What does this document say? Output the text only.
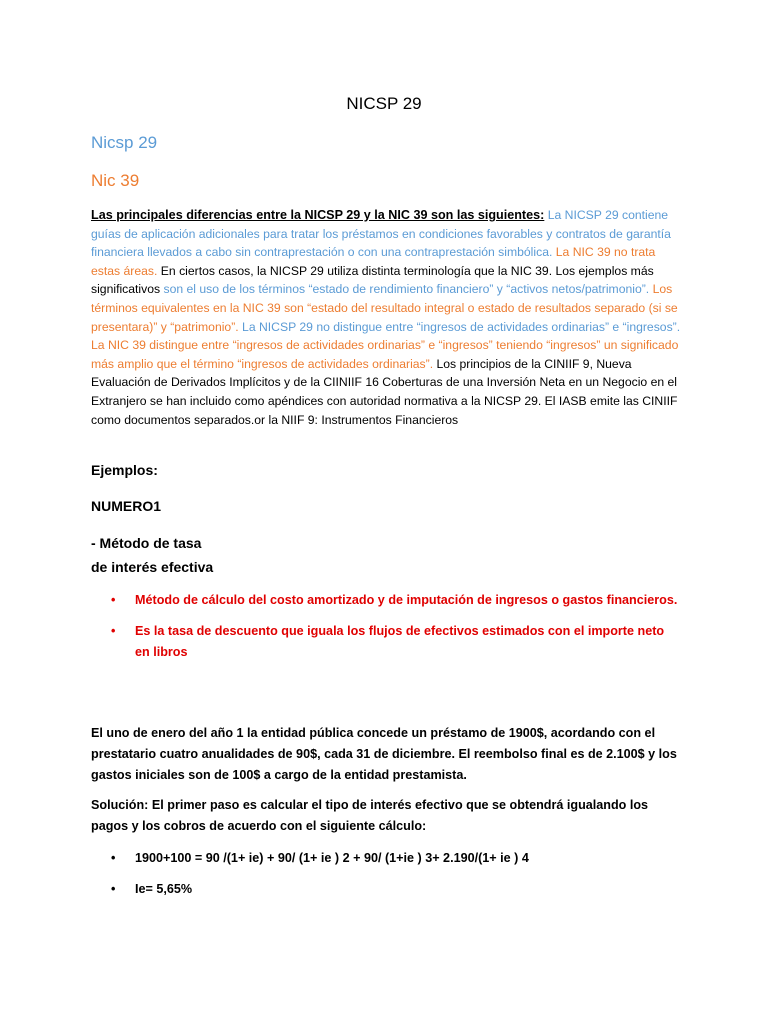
NICSP 29
Nicsp 29
Nic 39
Las principales diferencias entre la NICSP 29 y la NIC 39 son las siguientes: La NICSP 29 contiene guías de aplicación adicionales para tratar los préstamos en condiciones favorables y contratos de garantía financiera llevados a cabo sin contraprestación o con una contraprestación simbólica. La NIC 39 no trata estas áreas. En ciertos casos, la NICSP 29 utiliza distinta terminología que la NIC 39. Los ejemplos más significativos son el uso de los términos “estado de rendimiento financiero” y “activos netos/patrimonio”. Los términos equivalentes en la NIC 39 son “estado del resultado integral o estado de resultados separado (si se presentara)” y “patrimonio”. La NICSP 29 no distingue entre “ingresos de actividades ordinarias” e “ingresos”. La NIC 39 distingue entre “ingresos de actividades ordinarias” e “ingresos” teniendo “ingresos” un significado más amplio que el término “ingresos de actividades ordinarias”. Los principios de la CINIIF 9, Nueva Evaluación de Derivados Implícitos y de la CIINIIF 16 Coberturas de una Inversión Neta en un Negocio en el Extranjero se han incluido como apéndices con autoridad normativa a la NICSP 29. El IASB emite las CINIIF como documentos separados.or la NIIF 9: Instrumentos Financieros
Ejemplos:
NUMERO1
- Método de tasa
de interés efectiva
• Método de cálculo del costo amortizado y de imputación de ingresos o gastos financieros.
• Es la tasa de descuento que iguala los flujos de efectivos estimados con el importe neto en libros
El uno de enero del año 1 la entidad pública concede un préstamo de 1900$, acordando con el prestatario cuatro anualidades de 90$, cada 31 de diciembre. El reembolso final es de 2.100$ y los gastos iniciales son de 100$ a cargo de la entidad prestamista.
Solución: El primer paso es calcular el tipo de interés efectivo que se obtendrá igualando los pagos y los cobros de acuerdo con el siguiente cálculo:
• 1900+100 = 90 /(1+ ie) + 90/ (1+ ie ) 2 + 90/ (1+ie ) 3+ 2.190/(1+ ie ) 4
• Ie= 5,65%
